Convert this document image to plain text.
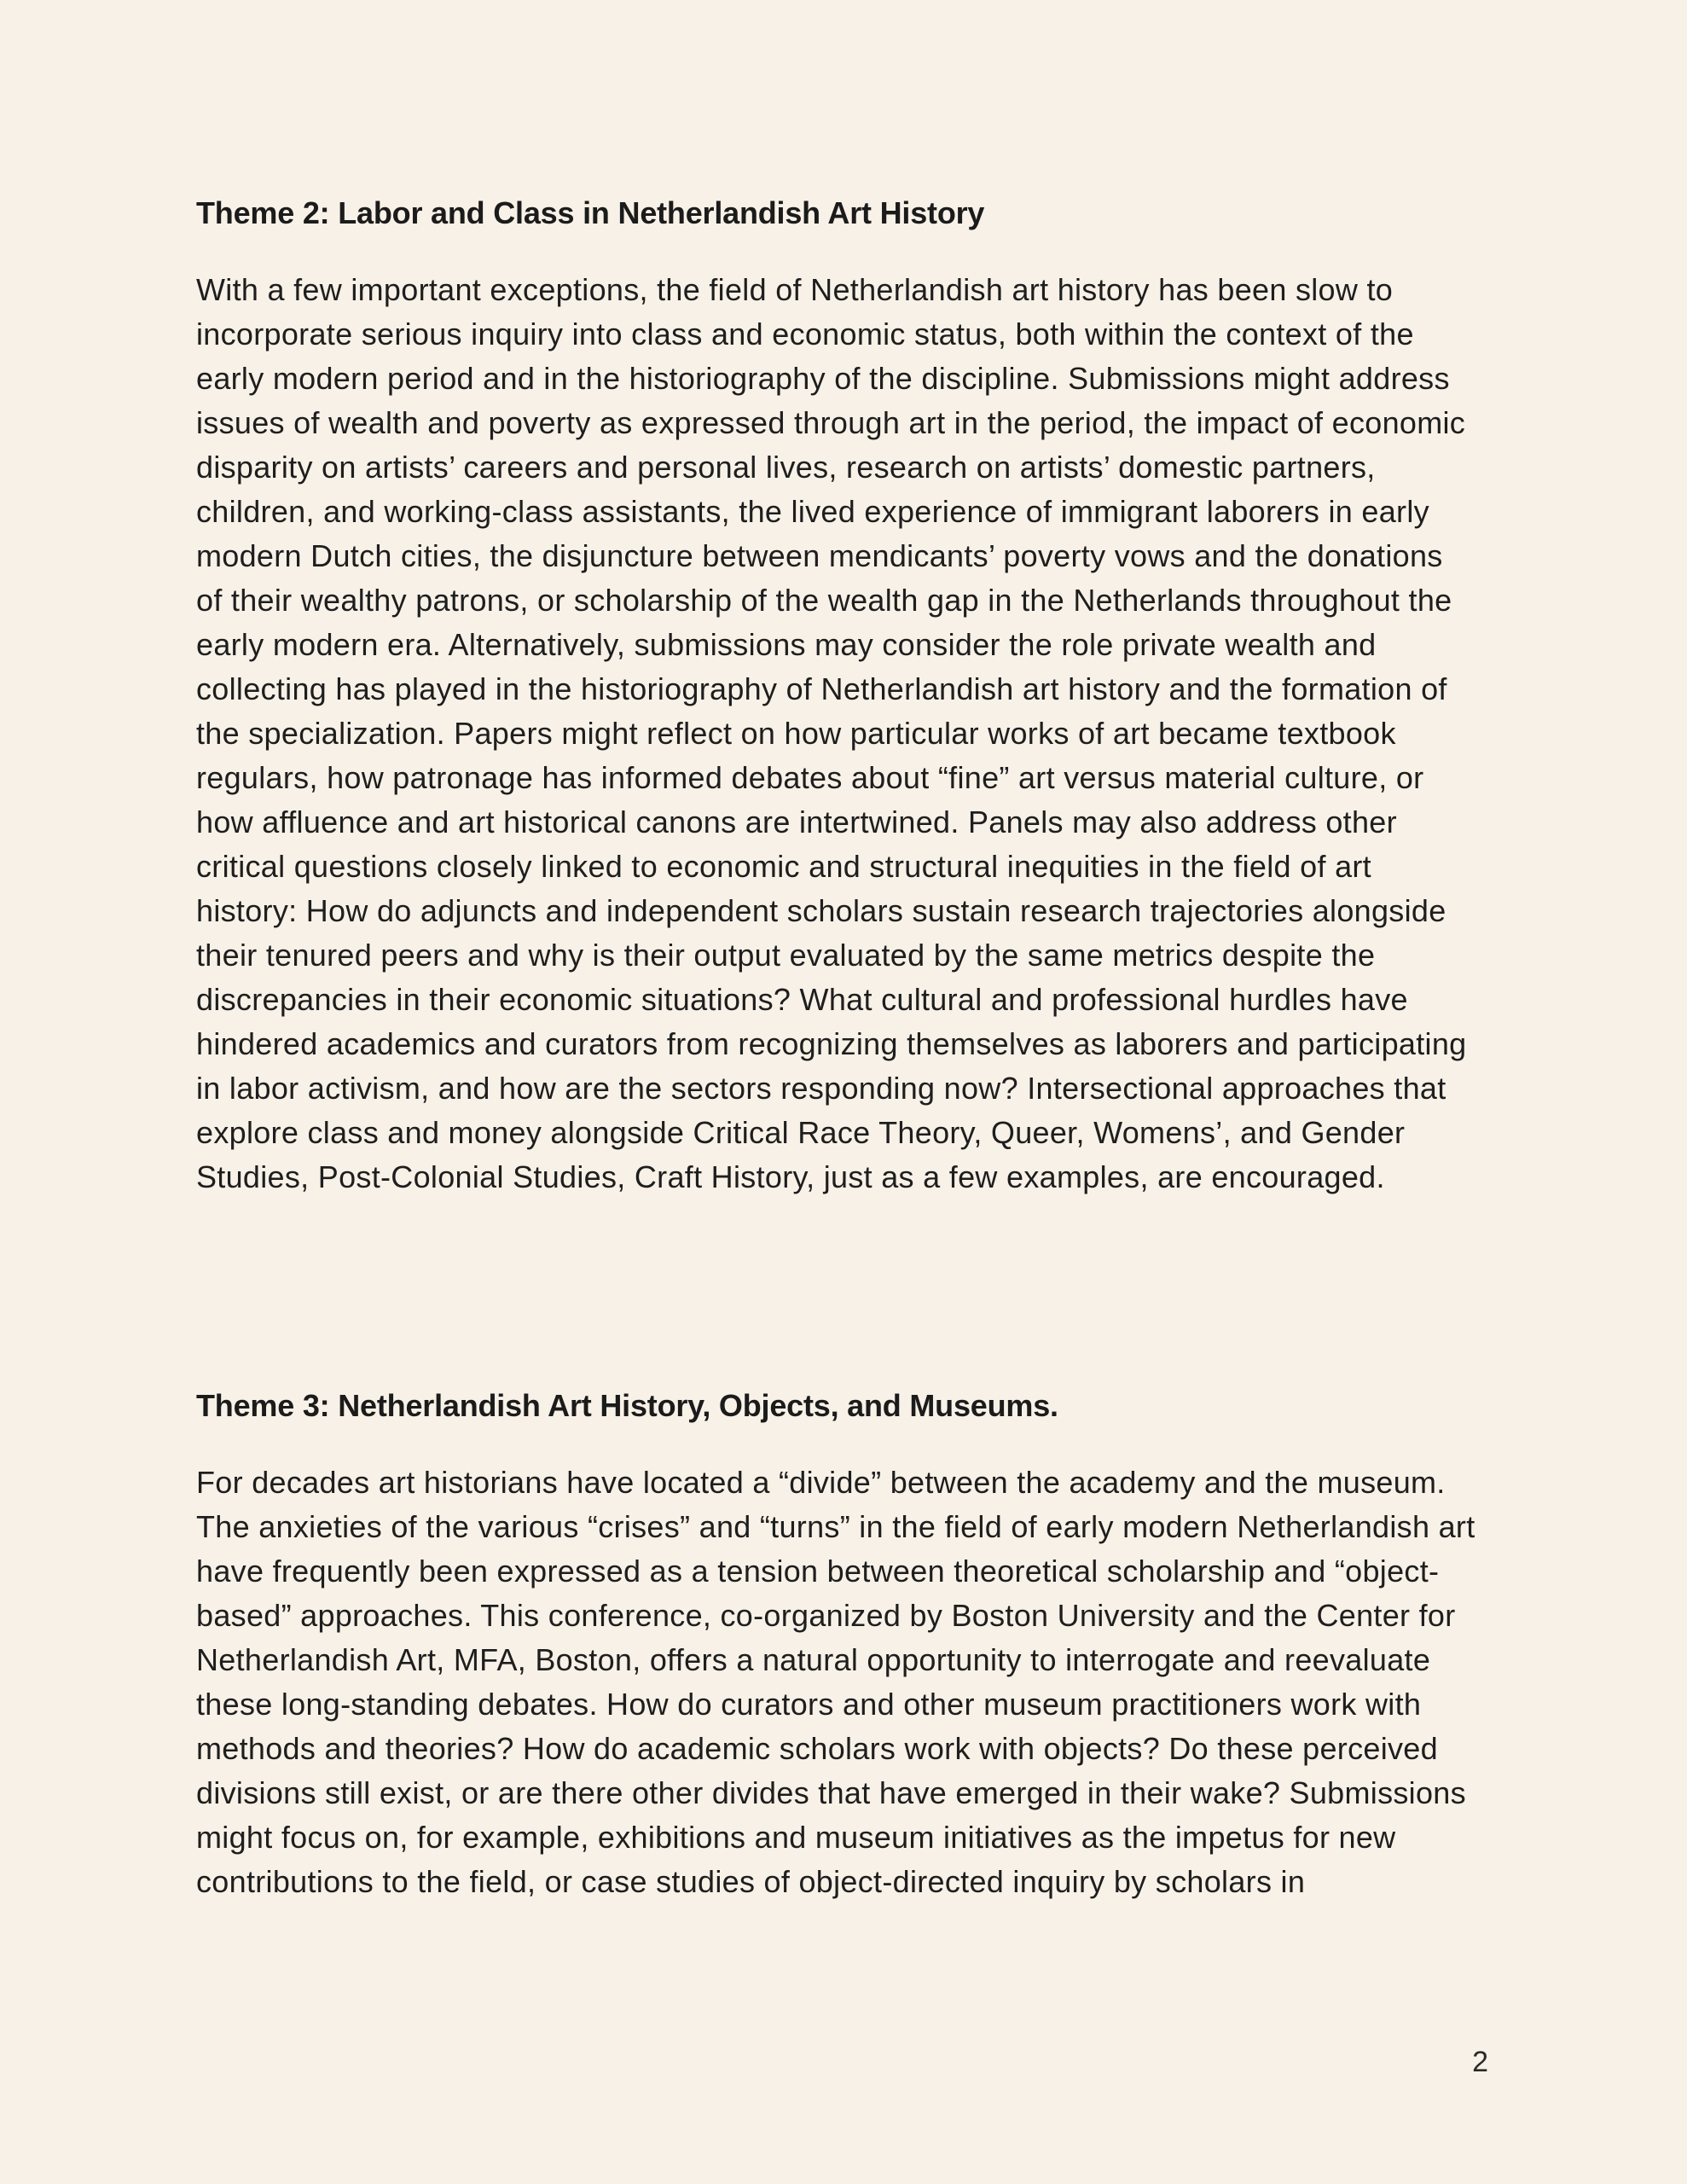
Theme 2: Labor and Class in Netherlandish Art History
With a few important exceptions, the field of Netherlandish art history has been slow to incorporate serious inquiry into class and economic status, both within the context of the early modern period and in the historiography of the discipline. Submissions might address issues of wealth and poverty as expressed through art in the period, the impact of economic disparity on artists’ careers and personal lives, research on artists’ domestic partners, children, and working-class assistants, the lived experience of immigrant laborers in early modern Dutch cities, the disjuncture between mendicants’ poverty vows and the donations of their wealthy patrons, or scholarship of the wealth gap in the Netherlands throughout the early modern era. Alternatively, submissions may consider the role private wealth and collecting has played in the historiography of Netherlandish art history and the formation of the specialization. Papers might reflect on how particular works of art became textbook regulars, how patronage has informed debates about “fine” art versus material culture, or how affluence and art historical canons are intertwined. Panels may also address other critical questions closely linked to economic and structural inequities in the field of art history: How do adjuncts and independent scholars sustain research trajectories alongside their tenured peers and why is their output evaluated by the same metrics despite the discrepancies in their economic situations? What cultural and professional hurdles have hindered academics and curators from recognizing themselves as laborers and participating in labor activism, and how are the sectors responding now? Intersectional approaches that explore class and money alongside Critical Race Theory, Queer, Womens’, and Gender Studies, Post-Colonial Studies, Craft History, just as a few examples, are encouraged.
Theme 3: Netherlandish Art History, Objects, and Museums.
For decades art historians have located a “divide” between the academy and the museum. The anxieties of the various “crises” and “turns” in the field of early modern Netherlandish art have frequently been expressed as a tension between theoretical scholarship and “object-based” approaches. This conference, co-organized by Boston University and the Center for Netherlandish Art, MFA, Boston, offers a natural opportunity to interrogate and reevaluate these long-standing debates. How do curators and other museum practitioners work with methods and theories? How do academic scholars work with objects? Do these perceived divisions still exist, or are there other divides that have emerged in their wake? Submissions might focus on, for example, exhibitions and museum initiatives as the impetus for new contributions to the field, or case studies of object-directed inquiry by scholars in
2
